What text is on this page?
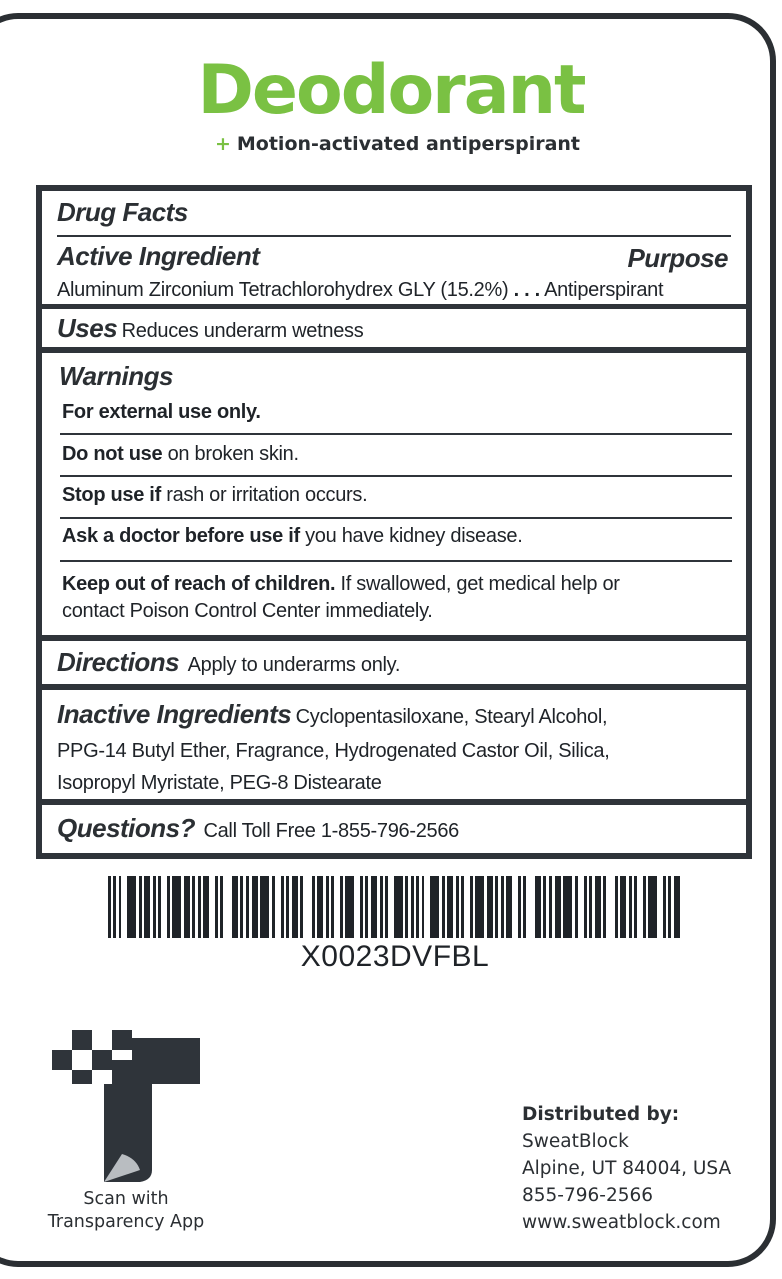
Deodorant
+ Motion-activated antiperspirant
Drug Facts
Active Ingredient	Purpose
Aluminum Zirconium Tetrachlorohydrex GLY (15.2%) . . . Antiperspirant
Uses Reduces underarm wetness
Warnings
For external use only.
Do not use on broken skin.
Stop use if rash or irritation occurs.
Ask a doctor before use if you have kidney disease.
Keep out of reach of children. If swallowed, get medical help or
contact Poison Control Center immediately.
Directions Apply to underarms only.
Inactive Ingredients Cyclopentasiloxane, Stearyl Alcohol,
PPG-14 Butyl Ether, Fragrance, Hydrogenated Castor Oil, Silica,
Isopropyl Myristate, PEG-8 Distearate
Questions? Call Toll Free 1-855-796-2566
X0023DVFBL
Scan with
Transparency App
Distributed by:
SweatBlock
Alpine, UT 84004, USA
855-796-2566
www.sweatblock.com
